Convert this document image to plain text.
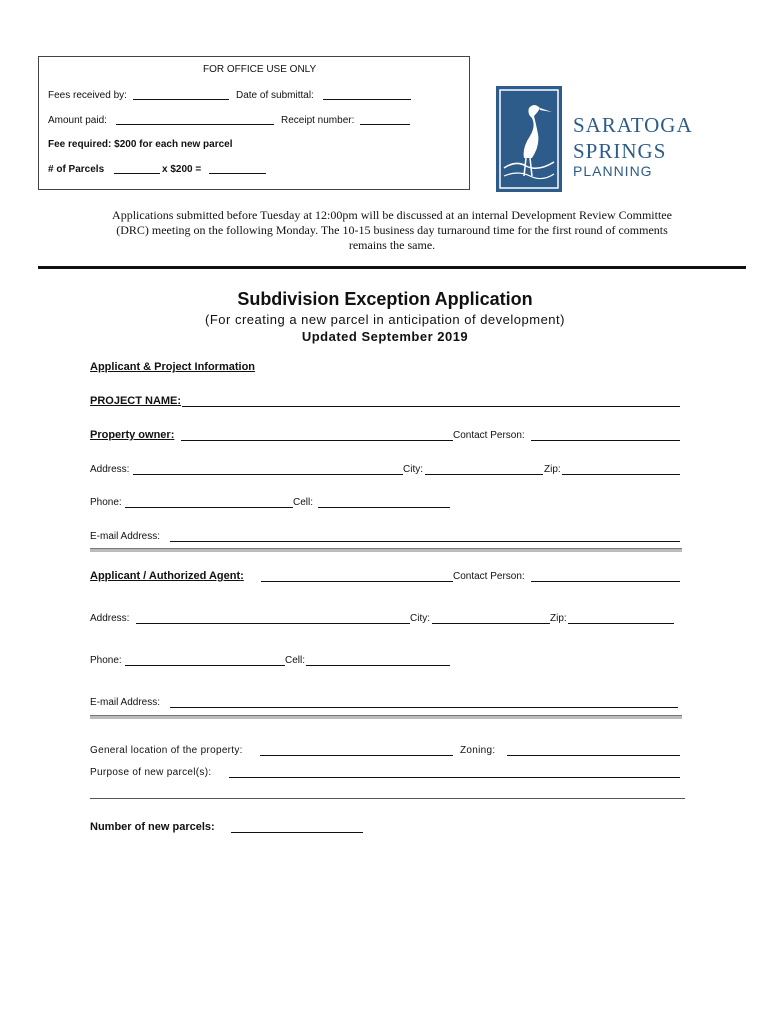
FOR OFFICE USE ONLY
Fees received by:	Date of submittal:
Amount paid:	Receipt number:
Fee required: $200 for each new parcel
# of Parcels	x $200 =
SARATOGA
SPRINGS
PLANNING
Applications submitted before Tuesday at 12:00pm will be discussed at an internal Development Review Committee
(DRC) meeting on the following Monday. The 10-15 business day turnaround time for the first round of comments
remains the same.
Subdivision Exception Application
(For creating a new parcel in anticipation of development)
Updated September 2019
Applicant & Project Information
PROJECT NAME:
Property owner:	Contact Person:
Address:	City:	Zip:
Phone:	Cell:
E-mail Address:
Applicant / Authorized Agent:	Contact Person:
Address:	City:	Zip:
Phone:	Cell:
E-mail Address:
General location of the property:	Zoning:
Purpose of new parcel(s):
Number of new parcels:
